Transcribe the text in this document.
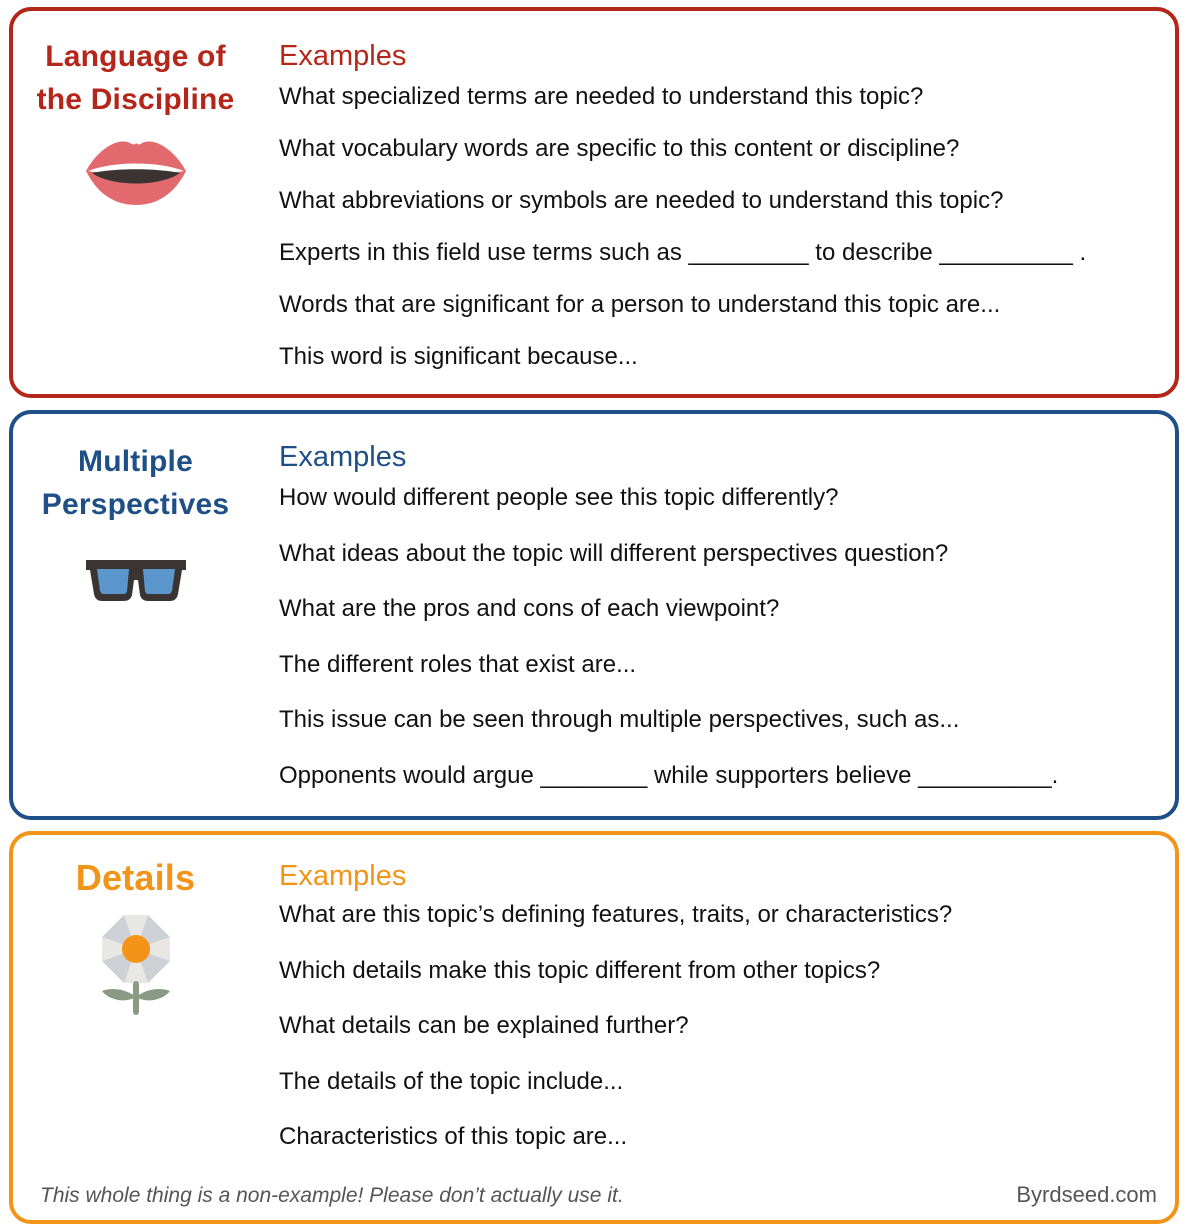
Language of
the Discipline
Examples
What specialized terms are needed to understand this topic?
What vocabulary words are specific to this content or discipline?
What abbreviations or symbols are needed to understand this topic?
Experts in this field use terms such as _________ to describe __________ .
Words that are significant for a person to understand this topic are...
This word is significant because...
Multiple
Perspectives
Examples
How would different people see this topic differently?
What ideas about the topic will different perspectives question?
What are the pros and cons of each viewpoint?
The different roles that exist are...
This issue can be seen through multiple perspectives, such as...
Opponents would argue ________ while supporters believe __________.
Details	Examples
What are this topic’s defining features, traits, or characteristics?
Which details make this topic different from other topics?
What details can be explained further?
The details of the topic include...
Characteristics of this topic are...
This whole thing is a non-example! Please don’t actually use it.	Byrdseed.com
